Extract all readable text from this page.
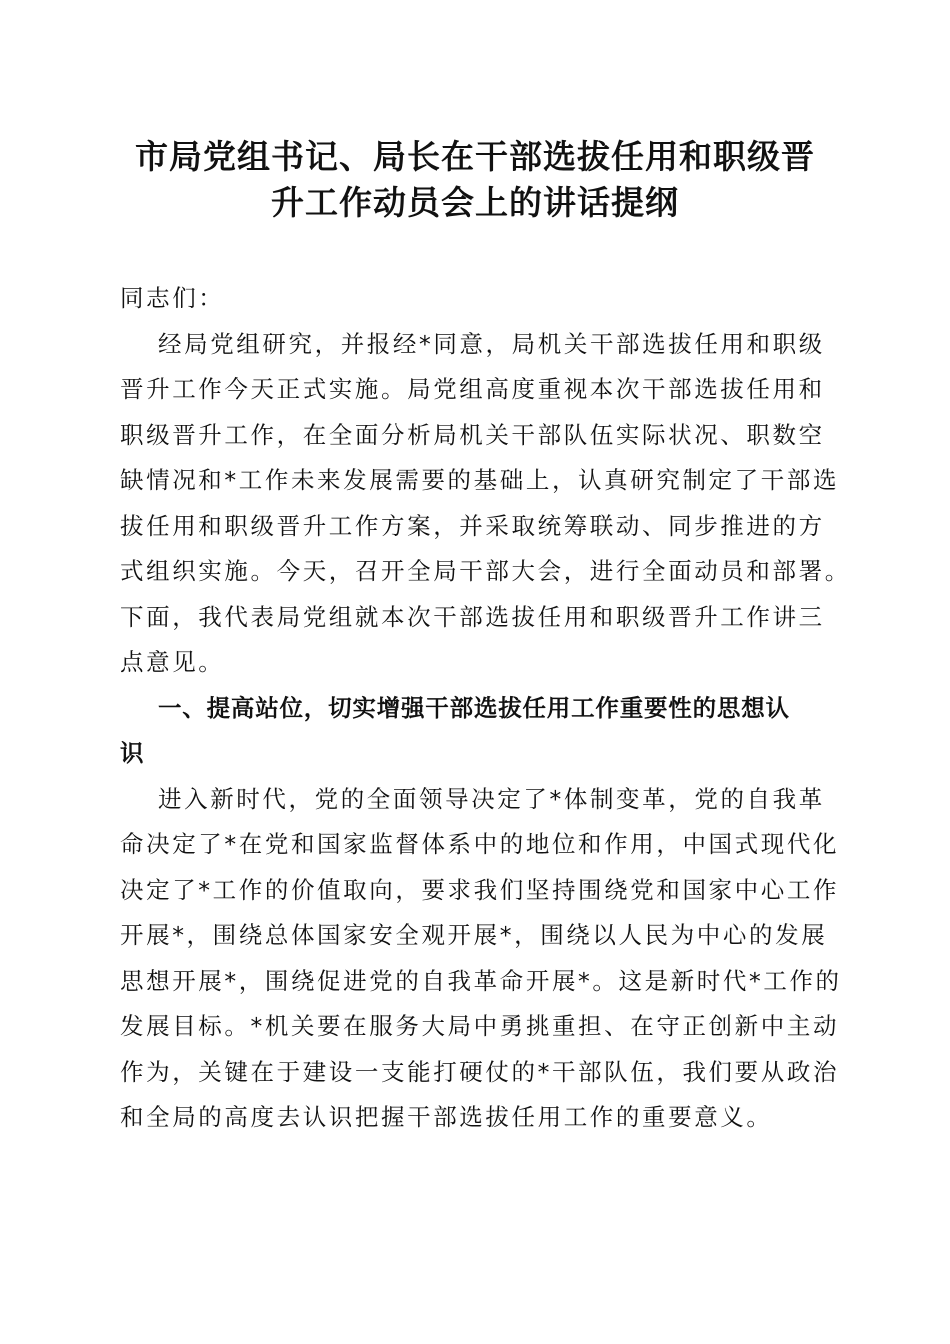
市局党组书记、局长在干部选拔任用和职级晋
升工作动员会上的讲话提纲
同志们：
经局党组研究，并报经*同意，局机关干部选拔任用和职级
晋升工作今天正式实施。局党组高度重视本次干部选拔任用和
职级晋升工作，在全面分析局机关干部队伍实际状况、职数空
缺情况和*工作未来发展需要的基础上，认真研究制定了干部选
拔任用和职级晋升工作方案，并采取统筹联动、同步推进的方
式组织实施。今天，召开全局干部大会，进行全面动员和部署。
下面，我代表局党组就本次干部选拔任用和职级晋升工作讲三
点意见。
一、提高站位，切实增强干部选拔任用工作重要性的思想认
识
进入新时代，党的全面领导决定了*体制变革，党的自我革
命决定了*在党和国家监督体系中的地位和作用，中国式现代化
决定了*工作的价值取向，要求我们坚持围绕党和国家中心工作
开展*，围绕总体国家安全观开展*，围绕以人民为中心的发展
思想开展*，围绕促进党的自我革命开展*。这是新时代*工作的
发展目标。*机关要在服务大局中勇挑重担、在守正创新中主动
作为，关键在于建设一支能打硬仗的*干部队伍，我们要从政治
和全局的高度去认识把握干部选拔任用工作的重要意义。
